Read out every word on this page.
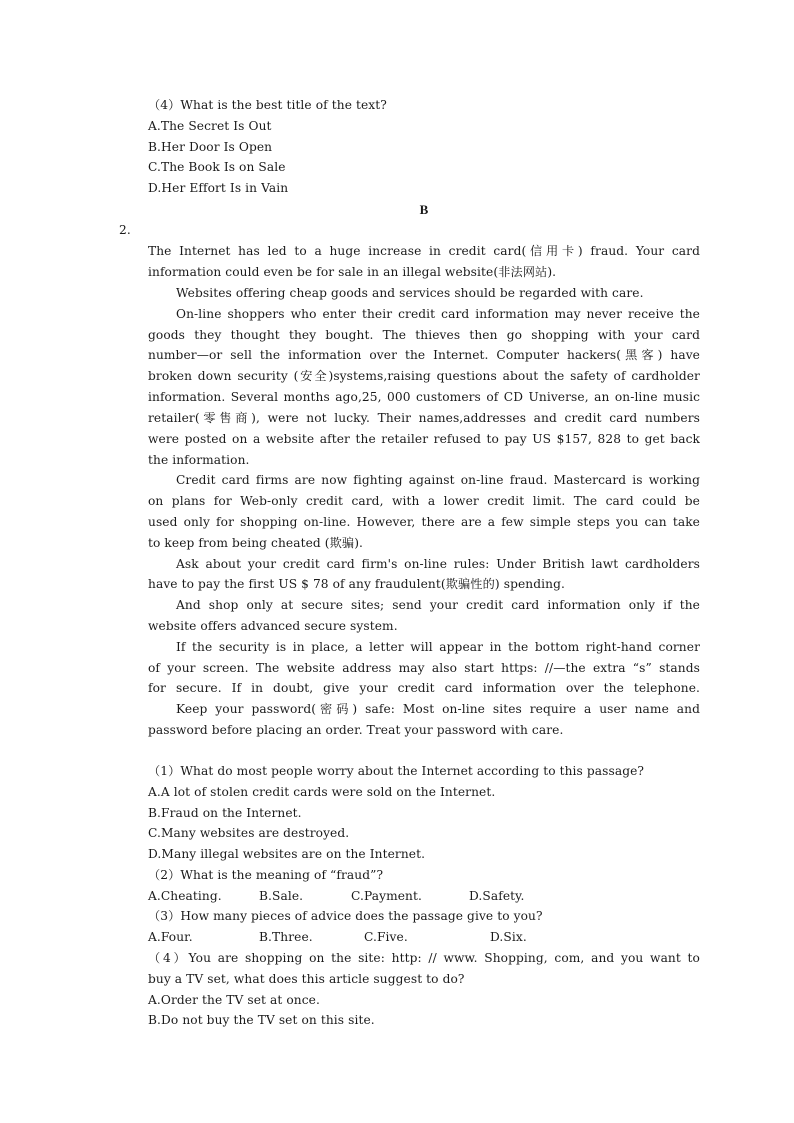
（4）What is the best title of the text?
A.The Secret Is Out
B.Her Door Is Open
C.The Book Is on Sale
D.Her Effort Is in Vain
B
2.
The Internet has led to a huge increase in credit card(信用卡) fraud. Your card
information could even be for sale in an illegal website(非法网站).
Websites offering cheap goods and services should be regarded with care.
On-line shoppers who enter their credit card information may never receive the
goods they thought they bought. The thieves then go shopping with your card
number—or sell the information over the Internet. Computer hackers(黑客) have
broken down security (安全)systems,raising questions about the safety of cardholder
information. Several months ago,25, 000 customers of CD Universe, an on-line music
retailer(零售商), were not lucky. Their names,addresses and credit card numbers
were posted on a website after the retailer refused to pay US $157, 828 to get back
the information.
Credit card firms are now fighting against on-line fraud. Mastercard is working
on plans for Web-only credit card, with a lower credit limit. The card could be
used only for shopping on-line. However, there are a few simple steps you can take
to keep from being cheated (欺骗).
Ask about your credit card firm's on-line rules: Under British lawt cardholders
have to pay the first US $ 78 of any fraudulent(欺骗性的) spending.
And shop only at secure sites; send your credit card information only if the
website offers advanced secure system.
If the security is in place, a letter will appear in the bottom right-hand corner
of your screen. The website address may also start https: //—the extra “s” stands
for secure. If in doubt, give your credit card information over the telephone.
Keep your password(密码) safe: Most on-line sites require a user name and
password before placing an order. Treat your password with care.
（1）What do most people worry about the Internet according to this passage?
A.A lot of stolen credit cards were sold on the Internet.
B.Fraud on the Internet.
C.Many websites are destroyed.
D.Many illegal websites are on the Internet.
（2）What is the meaning of “fraud”?
A.Cheating.	B.Sale.	C.Payment.	D.Safety.
（3）How many pieces of advice does the passage give to you?
A.Four.	B.Three.	C.Five.	D.Six.
（4）You are shopping on the site: http: // www. Shopping, com, and you want to
buy a TV set, what does this article suggest to do?
A.Order the TV set at once.
B.Do not buy the TV set on this site.
